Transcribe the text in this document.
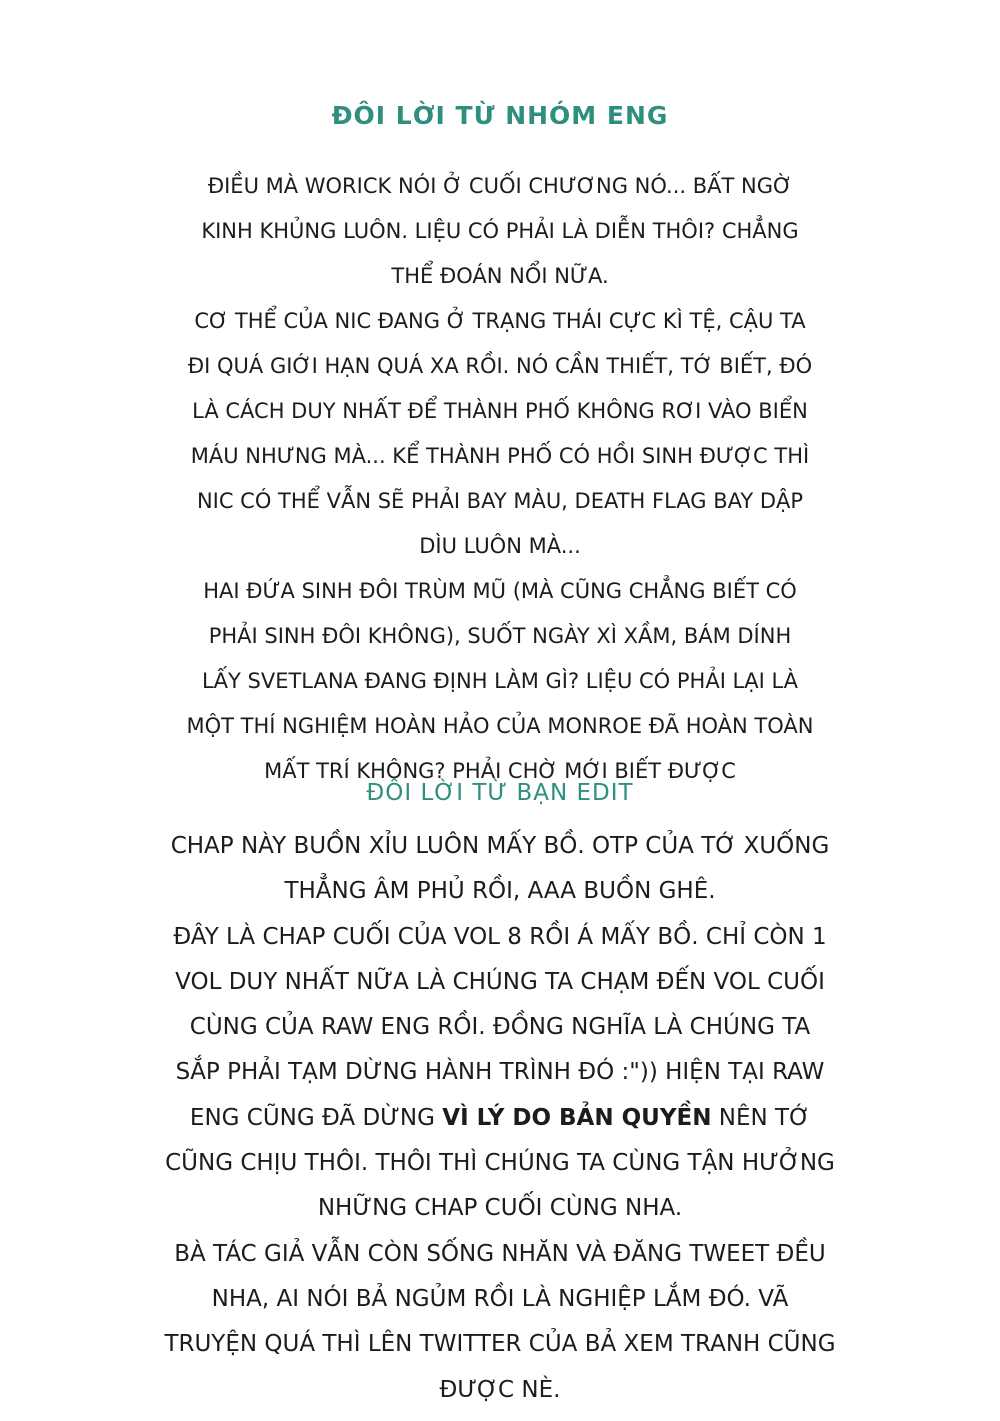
ĐÔI LỜI TỪ NHÓM ENG
ĐIỀU MÀ WORICK NÓI Ở CUỐI CHƯƠNG NÓ... BẤT NGỜ
KINH KHỦNG LUÔN. LIỆU CÓ PHẢI LÀ DIỄN THÔI? CHẲNG
THỂ ĐOÁN NỔI NỮA.
CƠ THỂ CỦA NIC ĐANG Ở TRẠNG THÁI CỰC KÌ TỆ, CẬU TA
ĐI QUÁ GIỚI HẠN QUÁ XA RỒI. NÓ CẦN THIẾT, TỚ BIẾT, ĐÓ
LÀ CÁCH DUY NHẤT ĐỂ THÀNH PHỐ KHÔNG RƠI VÀO BIỂN
MÁU NHƯNG MÀ... KỂ THÀNH PHỐ CÓ HỒI SINH ĐƯỢC THÌ
NIC CÓ THỂ VẪN SẼ PHẢI BAY MÀU, DEATH FLAG BAY DẬP
DÌU LUÔN MÀ...
HAI ĐỨA SINH ĐÔI TRÙM MŨ (MÀ CŨNG CHẲNG BIẾT CÓ
PHẢI SINH ĐÔI KHÔNG), SUỐT NGÀY XÌ XẦM, BÁM DÍNH
LẤY SVETLANA ĐANG ĐỊNH LÀM GÌ? LIỆU CÓ PHẢI LẠI LÀ
MỘT THÍ NGHIỆM HOÀN HẢO CỦA MONROE ĐÃ HOÀN TOÀN
MẤT TRÍ KHÔNG? PHẢI CHỜ MỚI BIẾT ĐƯỢC
ĐÔI LỜI TỪ BẠN EDIT
CHAP NÀY BUỒN XỈU LUÔN MẤY BỒ. OTP CỦA TỚ XUỐNG
THẲNG ÂM PHỦ RỒI, AAA BUỒN GHÊ.
ĐÂY LÀ CHAP CUỐI CỦA VOL 8 RỒI Á MẤY BỒ. CHỈ CÒN 1
VOL DUY NHẤT NỮA LÀ CHÚNG TA CHẠM ĐẾN VOL CUỐI
CÙNG CỦA RAW ENG RỒI. ĐỒNG NGHĨA LÀ CHÚNG TA
SẮP PHẢI TẠM DỪNG HÀNH TRÌNH ĐÓ :")) HIỆN TẠI RAW
ENG CŨNG ĐÃ DỪNG VÌ LÝ DO BẢN QUYỀN NÊN TỚ
CŨNG CHỊU THÔI. THÔI THÌ CHÚNG TA CÙNG TẬN HƯỞNG
NHỮNG CHAP CUỐI CÙNG NHA.
BÀ TÁC GIẢ VẪN CÒN SỐNG NHĂN VÀ ĐĂNG TWEET ĐỀU
NHA, AI NÓI BẢ NGỦM RỒI LÀ NGHIỆP LẮM ĐÓ. VÃ
TRUYỆN QUÁ THÌ LÊN TWITTER CỦA BẢ XEM TRANH CŨNG
ĐƯỢC NÈ.
